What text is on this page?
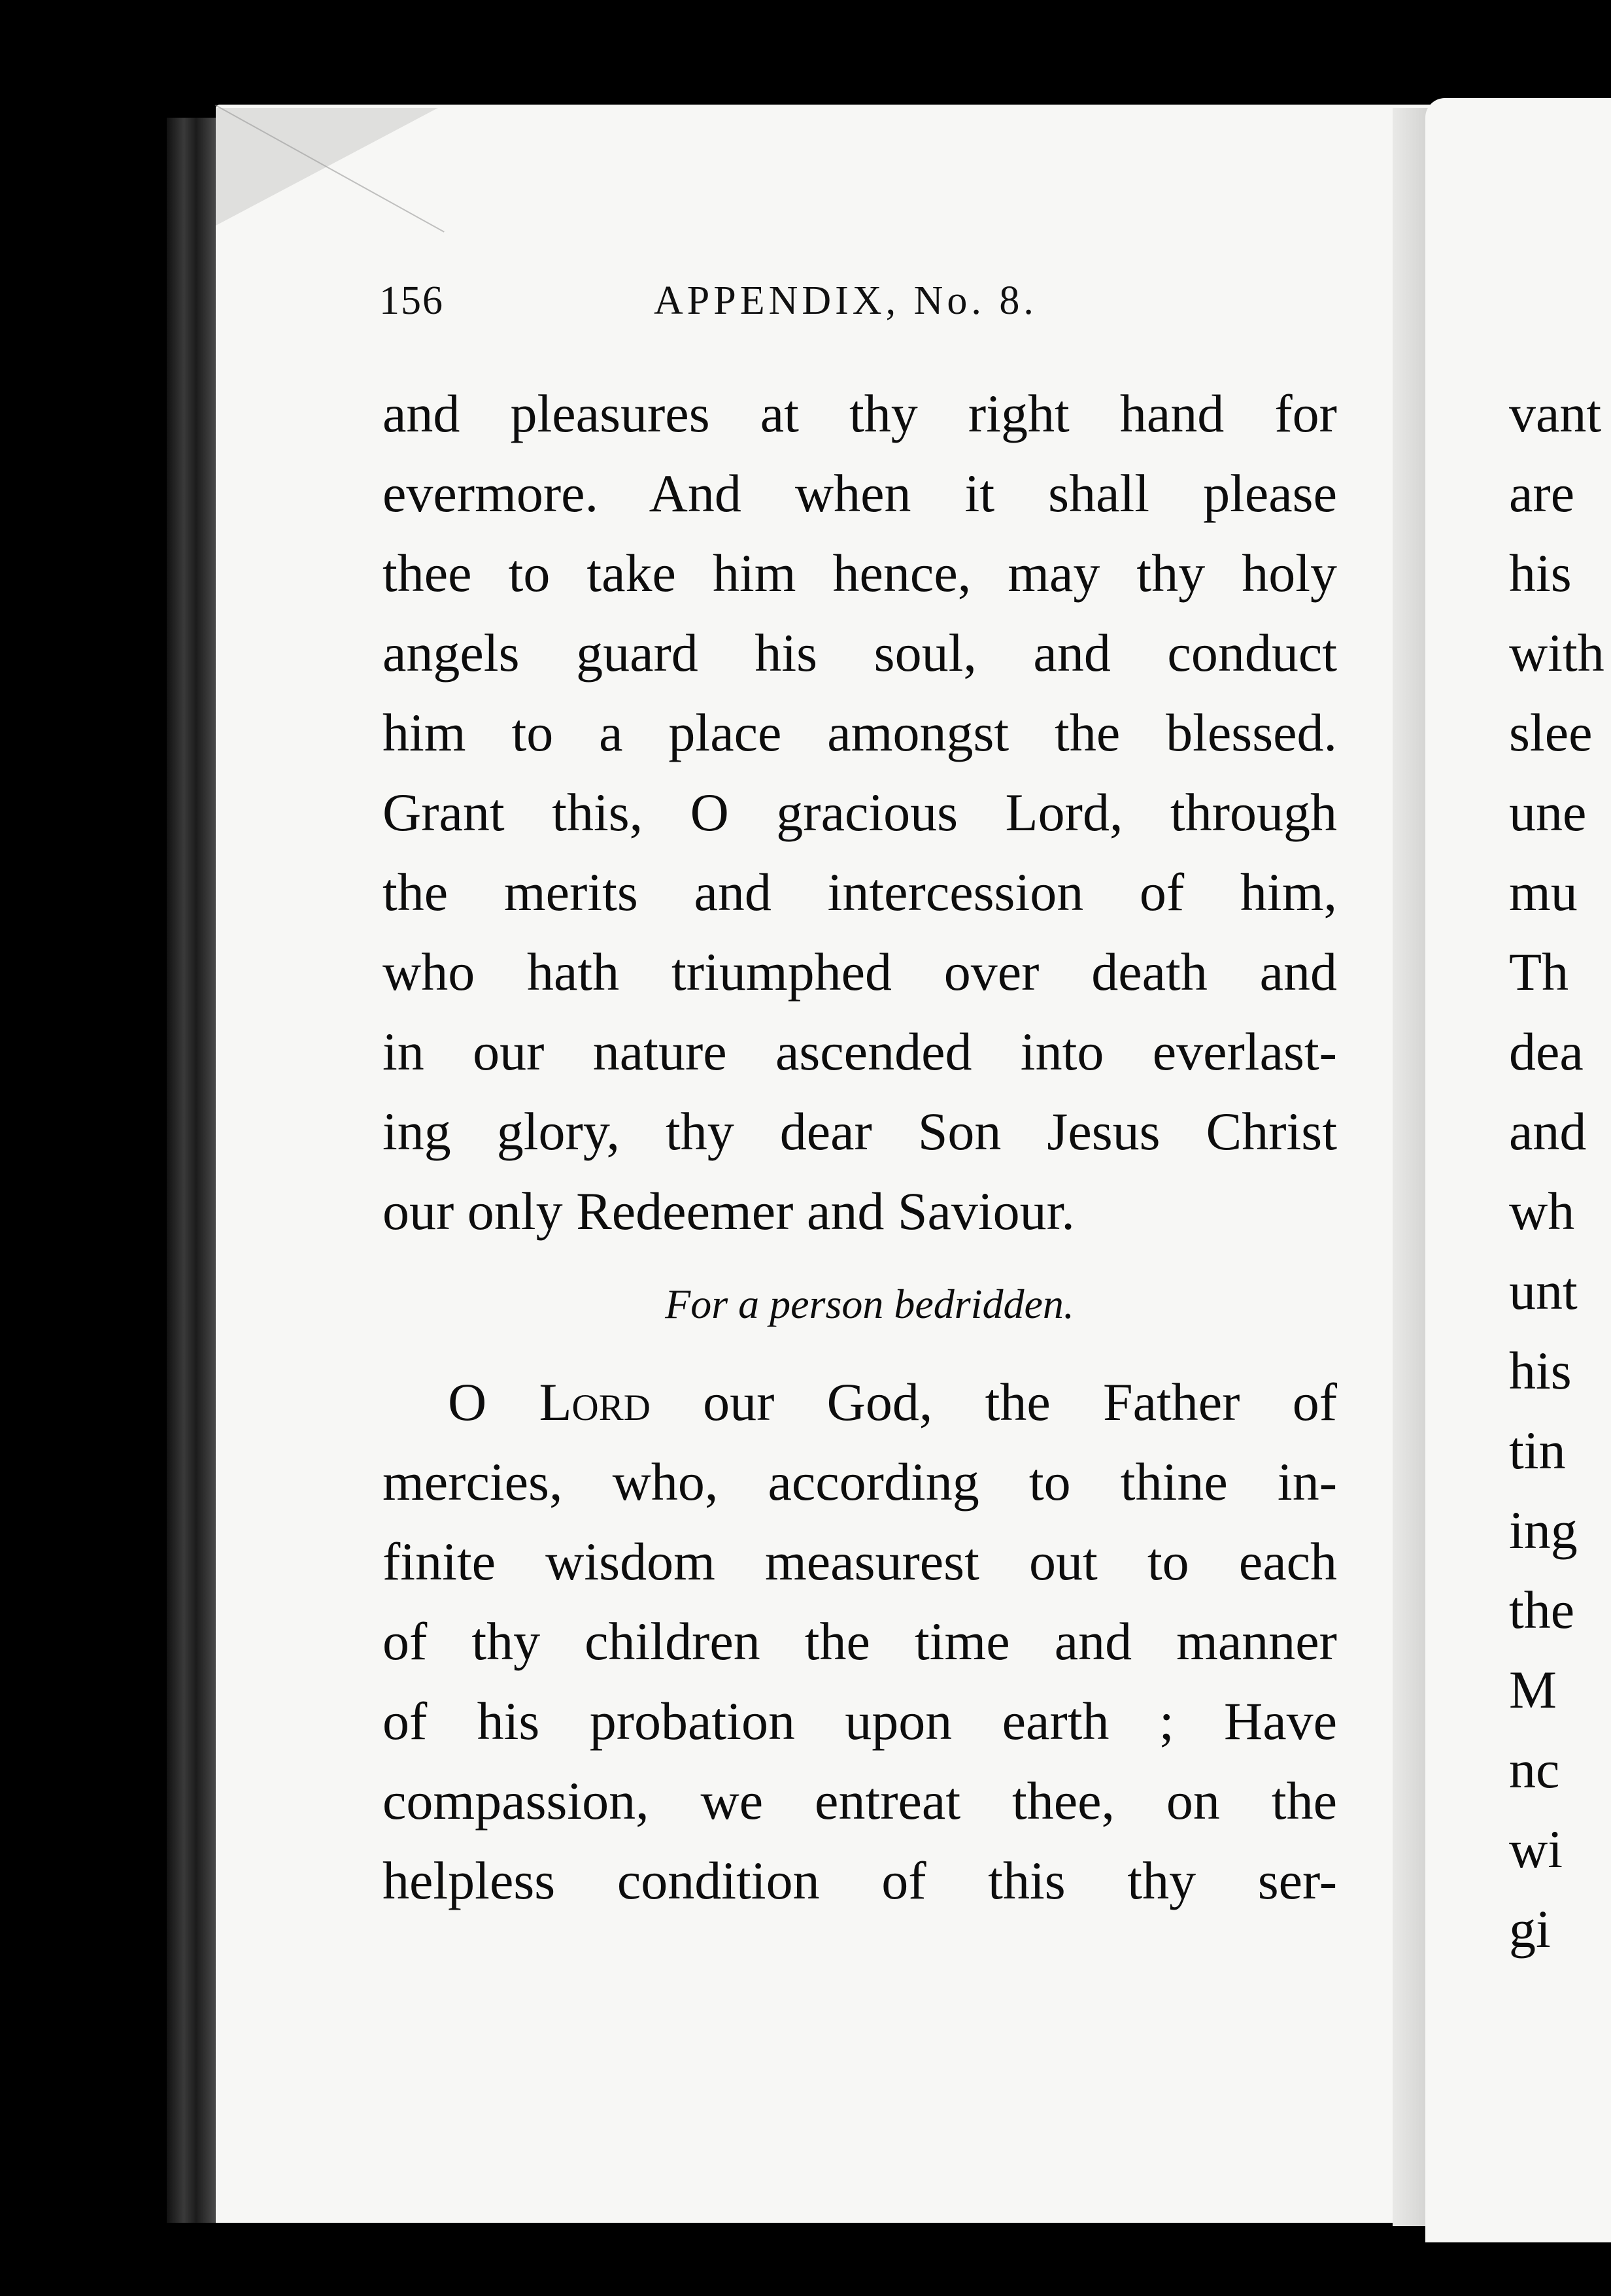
156	APPENDIX, No. 8.
and pleasures at thy right hand for
evermore. And when it shall please
thee to take him hence, may thy holy
angels guard his soul, and conduct
him to a place amongst the blessed.
Grant this, O gracious Lord, through
the merits and intercession of him,
who hath triumphed over death and
in our nature ascended into everlast-
ing glory, thy dear Son Jesus Christ
our only Redeemer and Saviour.
For a person bedridden.
O Lord our God, the Father of
mercies, who, according to thine in-
finite wisdom measurest out to each
of thy children the time and manner
of his probation upon earth ; Have
compassion, we entreat thee, on the
helpless condition of this thy ser-
vant
are
his
with
slee
une
mu
Th
dea
and
wh
unt
his
tin
ing
the
M
nc
wi
gi
